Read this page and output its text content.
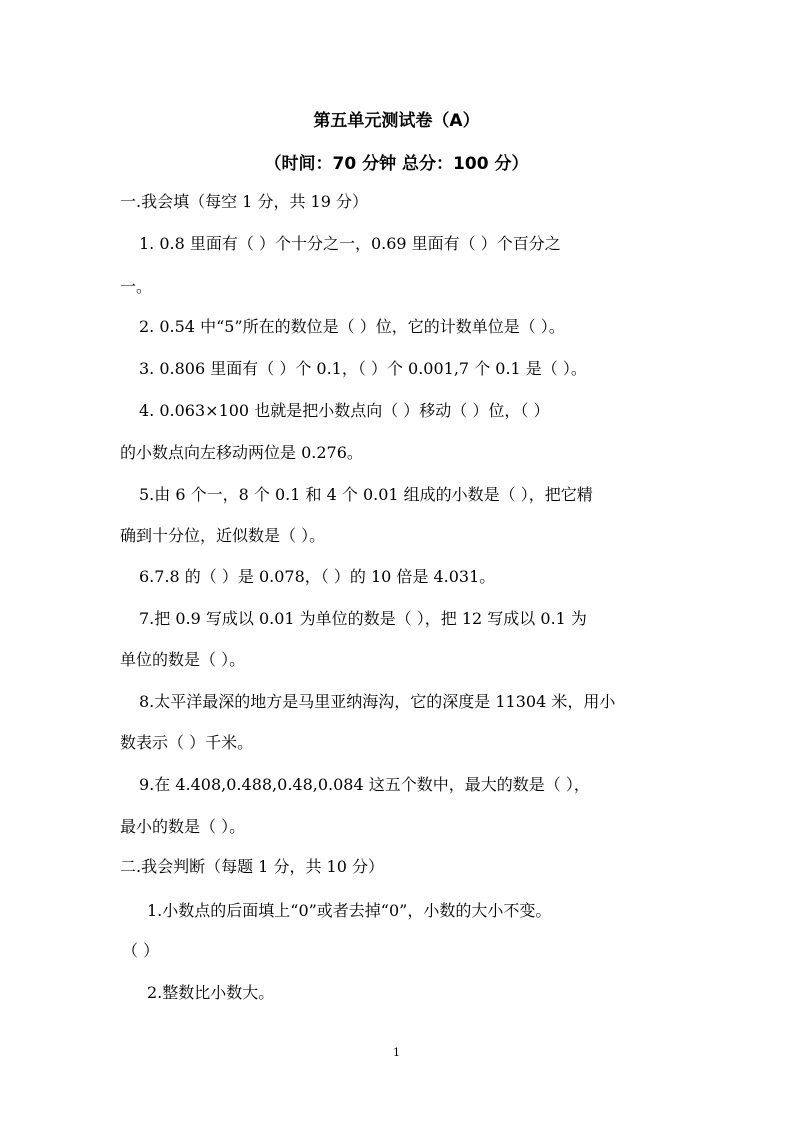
第五单元测试卷（A）
（时间：70 分钟 总分：100 分）
一.我会填（每空 1 分，共 19 分）
1. 0.8 里面有（ ）个十分之一，0.69 里面有（ ）个百分之
一。
2. 0.54 中“5”所在的数位是（ ）位，它的计数单位是（ ）。
3. 0.806 里面有（ ）个 0.1，（ ）个 0.001,7 个 0.1 是（ ）。
4. 0.063×100 也就是把小数点向（ ）移动（ ）位，（ ）
的小数点向左移动两位是 0.276。
5.由 6 个一，8 个 0.1 和 4 个 0.01 组成的小数是（ ），把它精
确到十分位，近似数是（ ）。
6.7.8 的（ ）是 0.078，（ ）的 10 倍是 4.031。
7.把 0.9 写成以 0.01 为单位的数是（ ），把 12 写成以 0.1 为
单位的数是（ ）。
8.太平洋最深的地方是马里亚纳海沟，它的深度是 11304 米，用小
数表示（ ）千米。
9.在 4.408,0.488,0.48,0.084 这五个数中，最大的数是（ ），
最小的数是（ ）。
二.我会判断（每题 1 分，共 10 分）
1.小数点的后面填上“0”或者去掉“0”，小数的大小不变。
（ ）
2.整数比小数大。
1
